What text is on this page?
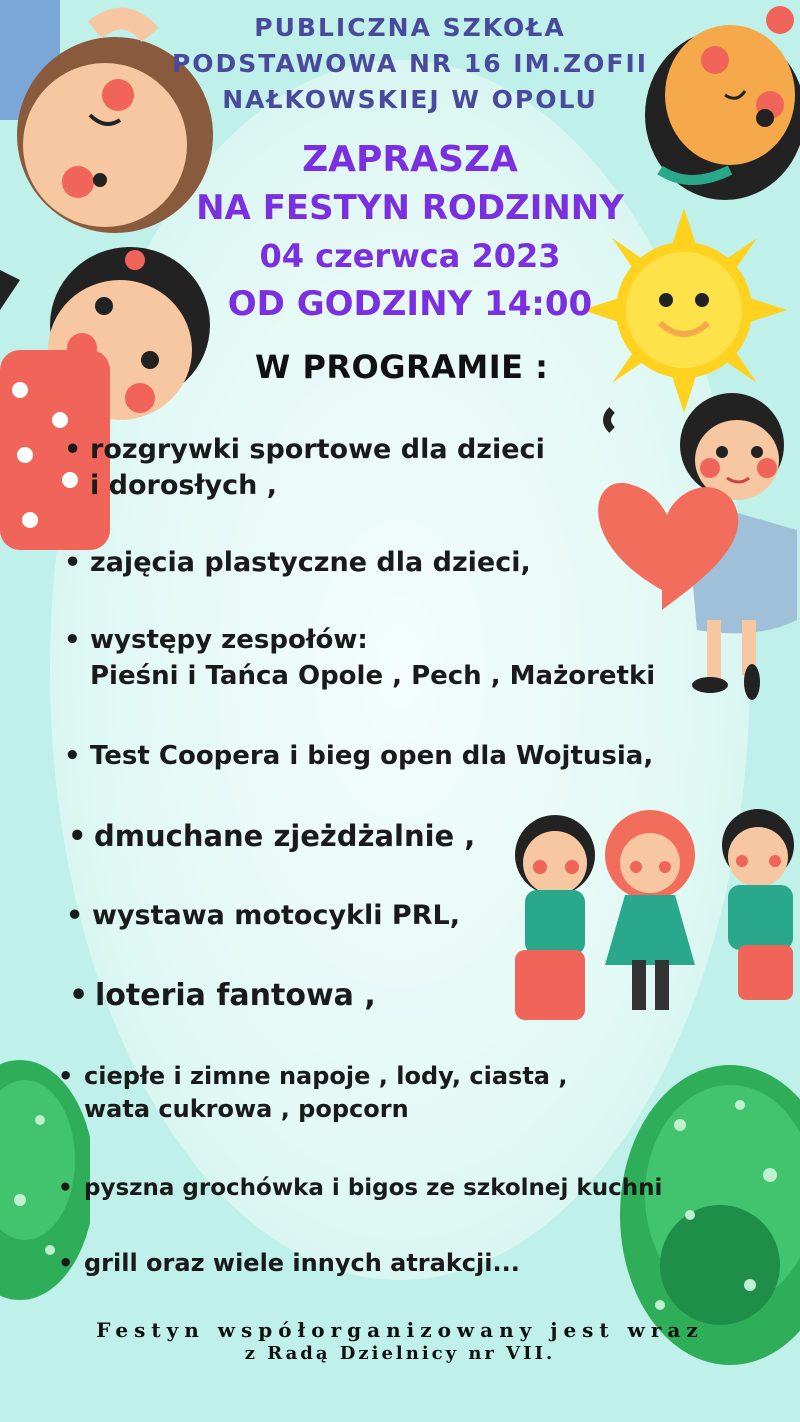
PUBLICZNA SZKOŁA
PODSTAWOWA NR 16 IM.ZOFII
NAŁKOWSKIEJ W OPOLU
ZAPRASZA
NA FESTYN RODZINNY
04 czerwca 2023
OD GODZINY 14:00
W PROGRAMIE :
• rozgrywki sportowe dla dzieci
i dorosłych ,
• zajęcia plastyczne dla dzieci,
• występy zespołów:
Pieśni i Tańca Opole , Pech , Mażoretki
• Test Coopera i bieg open dla Wojtusia,
• dmuchane zjeżdżalnie ,
• wystawa motocykli PRL,
• loteria fantowa ,
• ciepłe i zimne napoje , lody, ciasta ,
wata cukrowa , popcorn
• pyszna grochówka i bigos ze szkolnej kuchni
• grill oraz wiele innych atrakcji...
Festyn współorganizowany jest wraz
z Radą Dzielnicy nr VII.
